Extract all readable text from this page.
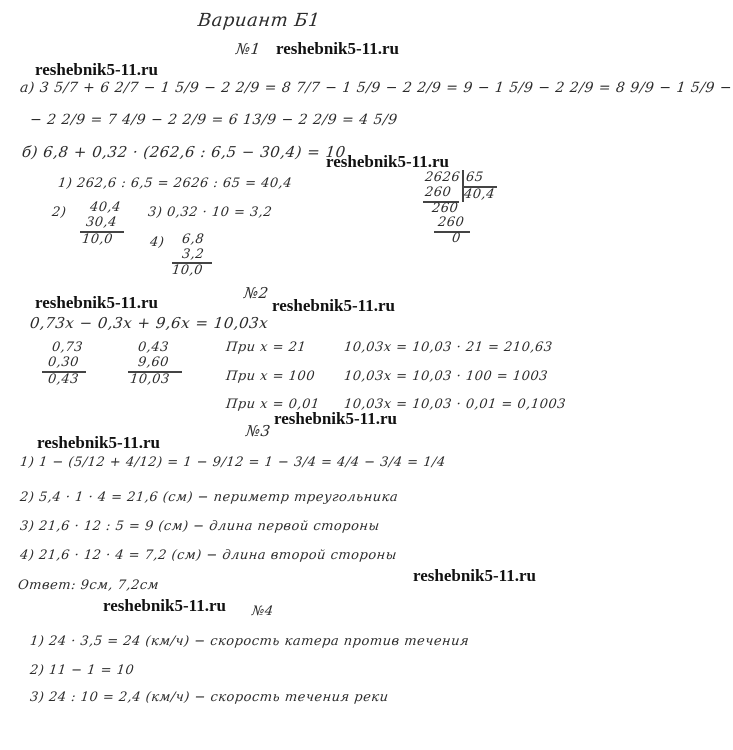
Вариант Б1
№1 reshebnik5-11.ru
reshebnik5-11.ru
а) 3 5/7 + 6 2/7 − 1 5/9 − 2 2/9 = 8 7/7 − 1 5/9 − 2 2/9 = 9 − 1 5/9 − 2 2/9 = 8 9/9 − 1 5/9 −
− 2 2/9 = 7 4/9 − 2 2/9 = 6 13/9 − 2 2/9 = 4 5/9
б) 6,8 + 0,32 · (262,6 : 6,5 − 30,4) = 10
reshebnik5-11.ru
1) 262,6 : 6,5 = 2626 : 65 = 40,4
2) 40,4
30,4
10,0
3) 0,32 · 10 = 3,2
4) 6,8
3,2
10,0
2626 65
40,4
260
260
260
0
№2
reshebnik5-11.ru	reshebnik5-11.ru
0,73x − 0,3x + 9,6x = 10,03x
0,73
0,30
0,43
0,43
9,60
10,03
При x = 21	10,03x = 10,03 · 21 = 210,63
При x = 100 10,03x = 10,03 · 100 = 1003
При x = 0,01 10,03x = 10,03 · 0,01 = 0,1003
№3
reshebnik5-11.ru
reshebnik5-11.ru
1) 1 − (5/12 + 4/12) = 1 − 9/12 = 1 − 3/4 = 4/4 − 3/4 = 1/4
2) 5,4 · 1 · 4 = 21,6 (см) − периметр треугольника
3) 21,6 · 12 : 5 = 9 (см) − длина первой стороны
4) 21,6 · 12 · 4 = 7,2 (см) − длина второй стороны
reshebnik5-11.ru
Ответ: 9см, 7,2см
reshebnik5-11.ru №4
1) 24 · 3,5 = 24 (км/ч) − скорость катера против течения
2) 11 − 1 = 10
3) 24 : 10 = 2,4 (км/ч) − скорость течения реки
